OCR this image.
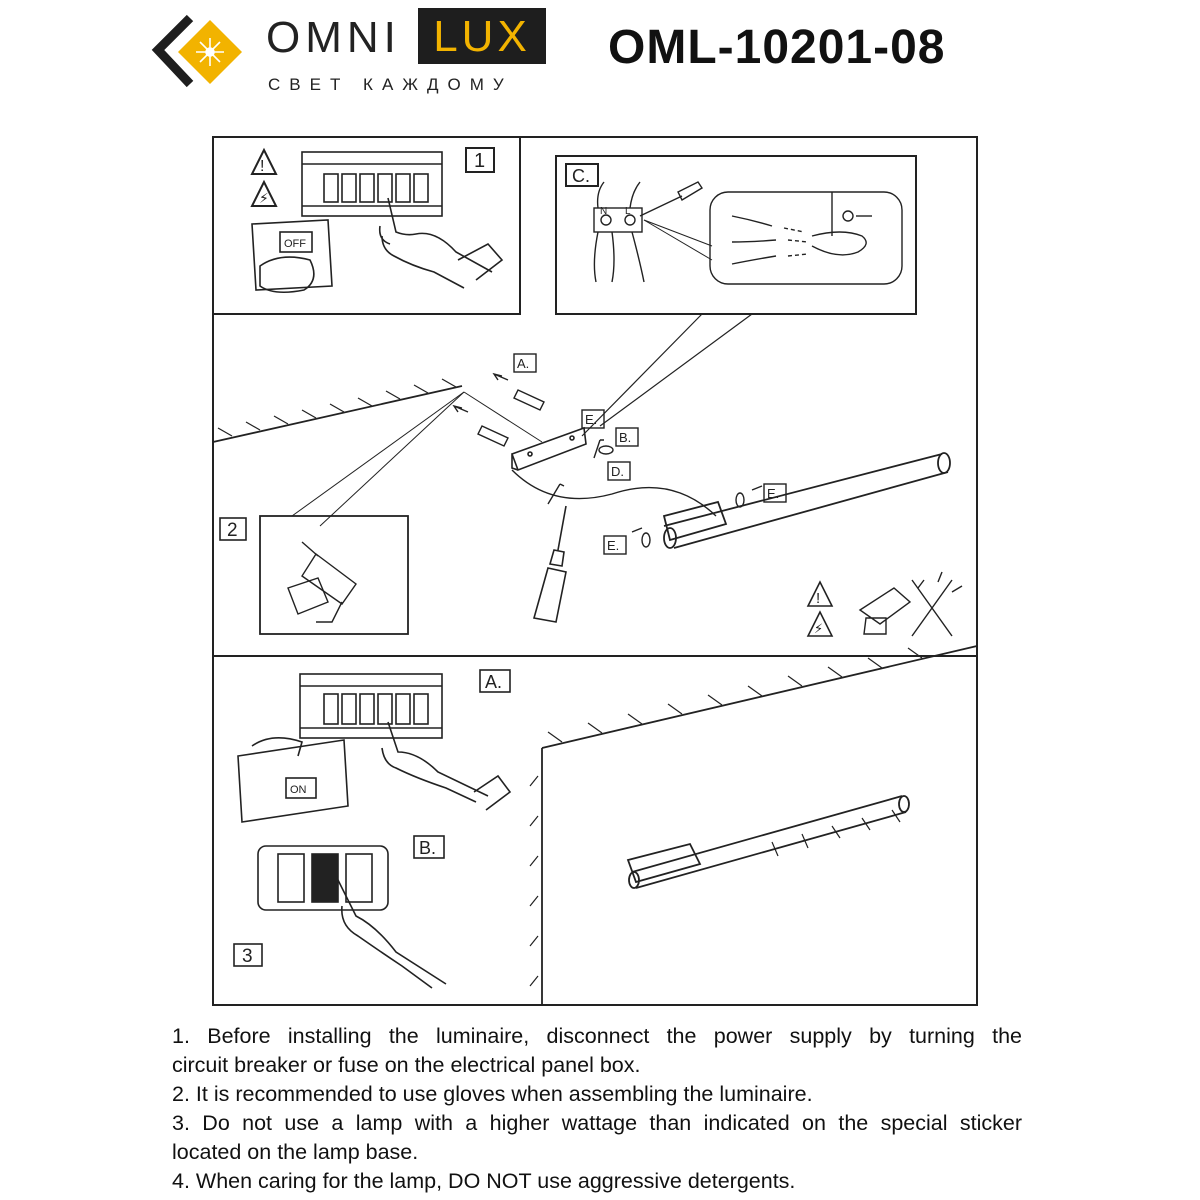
OMNI LUX
СВЕТ КАЖДОМУ
OML-10201-08
1
!
⚡
OFF
C.
N L
A.
E.
B.
D.
E.
E.
2
!
⚡
A.
ON
B.
3

1. Before installing the luminaire, disconnect the power supply by turning the

circuit breaker or fuse on the electrical panel box.

2. It is recommended to use gloves when assembling the luminaire.

3. Do not use a lamp with a higher wattage than indicated on the special sticker

located on the lamp base.

4. When caring for the lamp, DO NOT use aggressive detergents.
